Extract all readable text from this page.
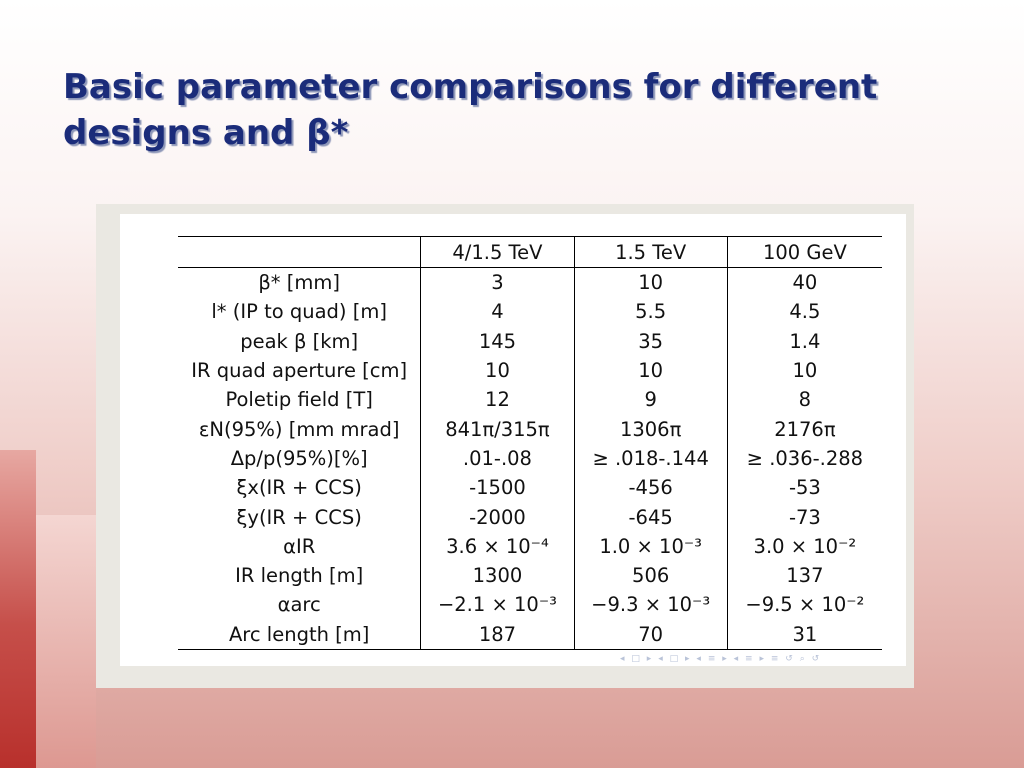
Basic parameter comparisons for different designs and β*
	4/1.5 TeV	1.5 TeV	100 GeV
β* [mm]	3	10	40
l* (IP to quad) [m]	4	5.5	4.5
peak β [km]	145	35	1.4
IR quad aperture [cm]	10	10	10
Poletip field [T]	12	9	8
εN(95%) [mm mrad]	841π/315π	1306π	2176π
Δp/p(95%)[%]	.01-.08	≥ .018-.144	≥ .036-.288
ξx(IR + CCS)	-1500	-456	-53
ξy(IR + CCS)	-2000	-645	-73
αIR	3.6 × 10⁻⁴	1.0 × 10⁻³	3.0 × 10⁻²
IR length [m]	1300	506	137
αarc	−2.1 × 10⁻³	−9.3 × 10⁻³	−9.5 × 10⁻²
Arc length [m]	187	70	31
◂ □ ▸ ◂ □ ▸ ◂ ≡ ▸ ◂ ≡ ▸ ≡ ↺ ⌕ ↺
